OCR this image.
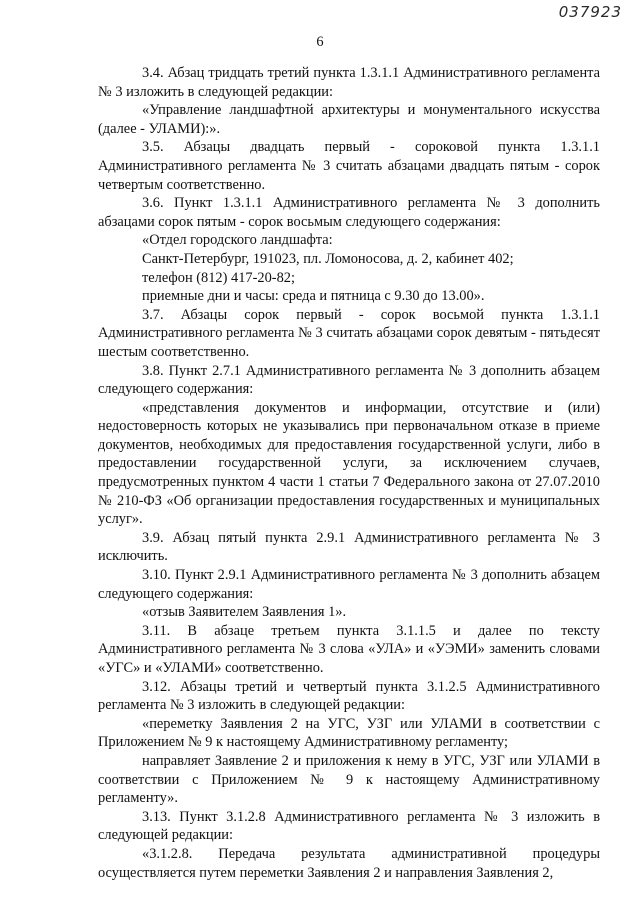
037923
6

3.4. Абзац тридцать третий пункта 1.3.1.1 Административного регламента № 3 изложить в следующей редакции:

«Управление ландшафтной архитектуры и монументального искусства (далее - УЛАМИ):».

3.5. Абзацы двадцать первый - сороковой пункта 1.3.1.1 Административного регламента № 3 считать абзацами двадцать пятым - сорок четвертым соответственно.

3.6. Пункт 1.3.1.1 Административного регламента № 3 дополнить абзацами сорок пятым - сорок восьмым следующего содержания:

«Отдел городского ландшафта:

Санкт-Петербург, 191023, пл. Ломоносова, д. 2, кабинет 402;

телефон (812) 417-20-82;

приемные дни и часы: среда и пятница с 9.30 до 13.00».

3.7. Абзацы сорок первый - сорок восьмой пункта 1.3.1.1 Административного регламента № 3 считать абзацами сорок девятым - пятьдесят шестым соответственно.

3.8. Пункт 2.7.1 Административного регламента № 3 дополнить абзацем следующего содержания:

«представления документов и информации, отсутствие и (или) недостоверность которых не указывались при первоначальном отказе в приеме документов, необходимых для предоставления государственной услуги, либо в предоставлении государственной услуги, за исключением случаев, предусмотренных пунктом 4 части 1 статьи 7 Федерального закона от 27.07.2010 № 210-ФЗ «Об организации предоставления государственных и муниципальных услуг».

3.9. Абзац пятый пункта 2.9.1 Административного регламента № 3 исключить.

3.10. Пункт 2.9.1 Административного регламента № 3 дополнить абзацем следующего содержания:

«отзыв Заявителем Заявления 1».

3.11. В абзаце третьем пункта 3.1.1.5 и далее по тексту Административного регламента № 3 слова «УЛА» и «УЭМИ» заменить словами «УГС» и «УЛАМИ» соответственно.

3.12. Абзацы третий и четвертый пункта 3.1.2.5 Административного регламента № 3 изложить в следующей редакции:

«переметку Заявления 2 на УГС, УЗГ или УЛАМИ в соответствии с Приложением № 9 к настоящему Административному регламенту;

направляет Заявление 2 и приложения к нему в УГС, УЗГ или УЛАМИ в соответствии с Приложением № 9 к настоящему Административному регламенту».

3.13. Пункт 3.1.2.8 Административного регламента № 3 изложить в следующей редакции:

«3.1.2.8. Передача результата административной процедуры осуществляется путем переметки Заявления 2 и направления Заявления 2,
